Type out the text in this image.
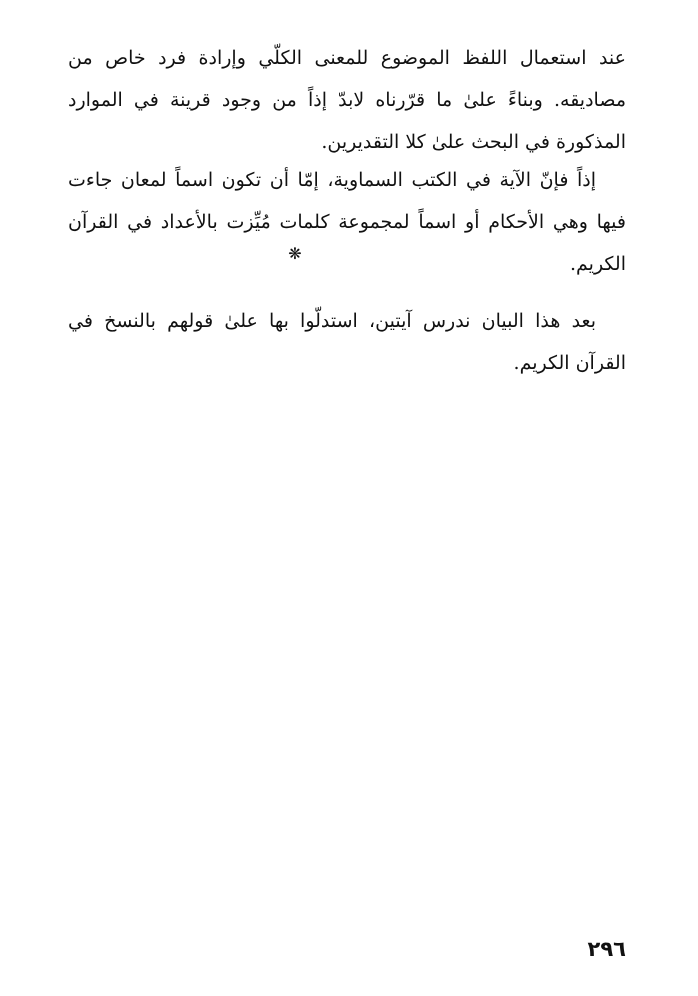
عند استعمال اللفظ الموضوع للمعنى الكلّي وإرادة فرد خاص من مصاديقه. وبناءً علىٰ ما قرّرناه لابدّ إذاً من وجود قرينة في الموارد المذكورة في البحث علىٰ كلا التقديرين.

إذاً فإنّ الآية في الكتب السماوية، إمّا أن تكون اسماً لمعان جاءت فيها وهي الأحكام أو اسماً لمجموعة كلمات مُيِّزت بالأعداد في القرآن الكريم.

❋

بعد هذا البيان ندرس آيتين، استدلّوا بها علىٰ قولهم بالنسخ في القرآن الكريم.

٢٩٦
